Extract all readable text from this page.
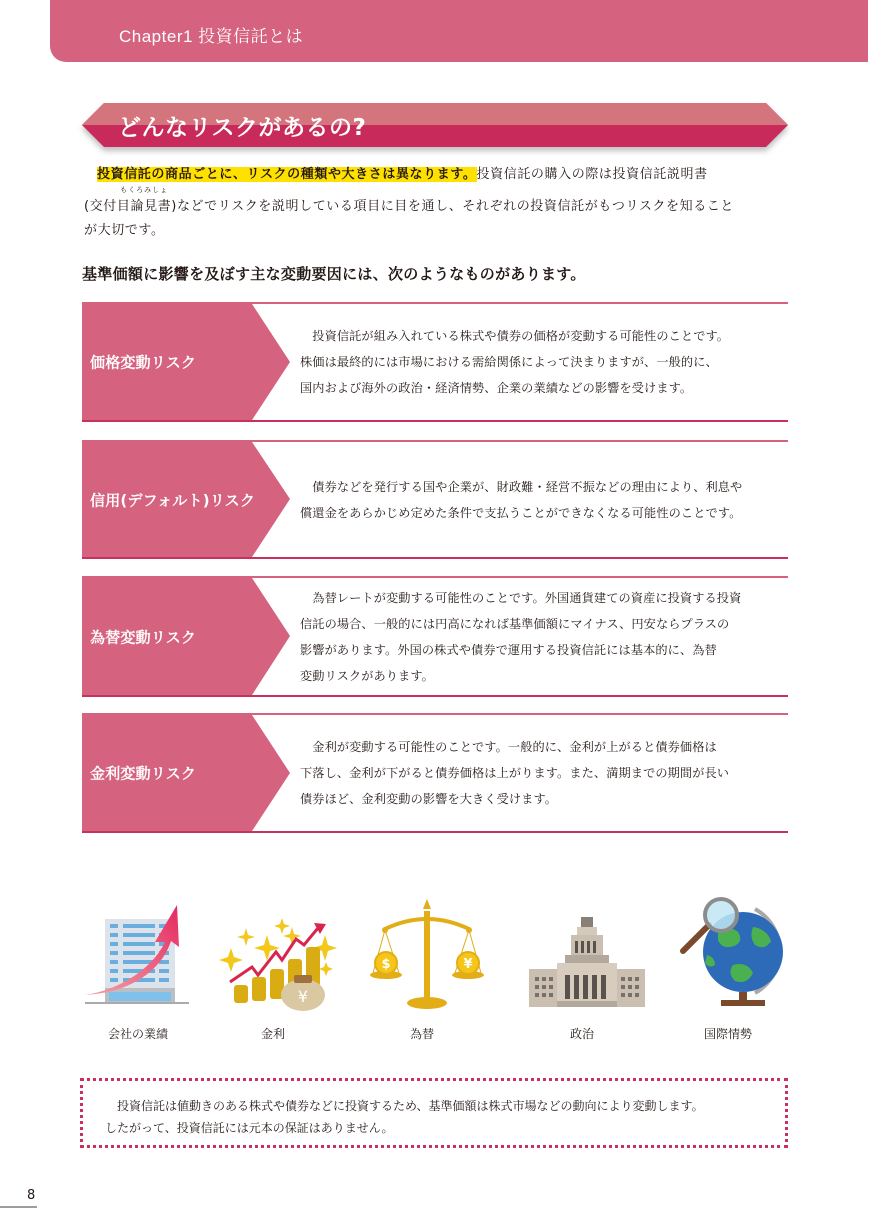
Chapter1 投資信託とは
どんなリスクがあるの?
投資信託の商品ごとに、リスクの種類や大きさは異なります。投資信託の購入の際は投資信託説明書
(交付
もくろみしょ
目論見書)などでリスクを説明している項目に目を通し、それぞれの投資信託がもつリスクを知ること
が大切です。
基準価額に影響を及ぼす主な変動要因には、次のようなものがあります。
価格変動リスク
　投資信託が組み入れている株式や債券の価格が変動する可能性のことです。
株価は最終的には市場における需給関係によって決まりますが、一般的に、
国内および海外の政治・経済情勢、企業の業績などの影響を受けます。
信用(デフォルト)リスク
　債券などを発行する国や企業が、財政難・経営不振などの理由により、利息や
償還金をあらかじめ定めた条件で支払うことができなくなる可能性のことです。
為替変動リスク
　為替レートが変動する可能性のことです。外国通貨建ての資産に投資する投資
信託の場合、一般的には円高になれば基準価額にマイナス、円安ならプラスの
影響があります。外国の株式や債券で運用する投資信託には基本的に、為替
変動リスクがあります。
金利変動リスク
　金利が変動する可能性のことです。一般的に、金利が上がると債券価格は
下落し、金利が下がると債券価格は上がります。また、満期までの期間が長い
債券ほど、金利変動の影響を大きく受けます。
会社の業績
¥
金利
$	¥
為替	政治	国際情勢
　投資信託は値動きのある株式や債券などに投資するため、基準価額は株式市場などの動向により変動します。
したがって、投資信託には元本の保証はありません。
8
